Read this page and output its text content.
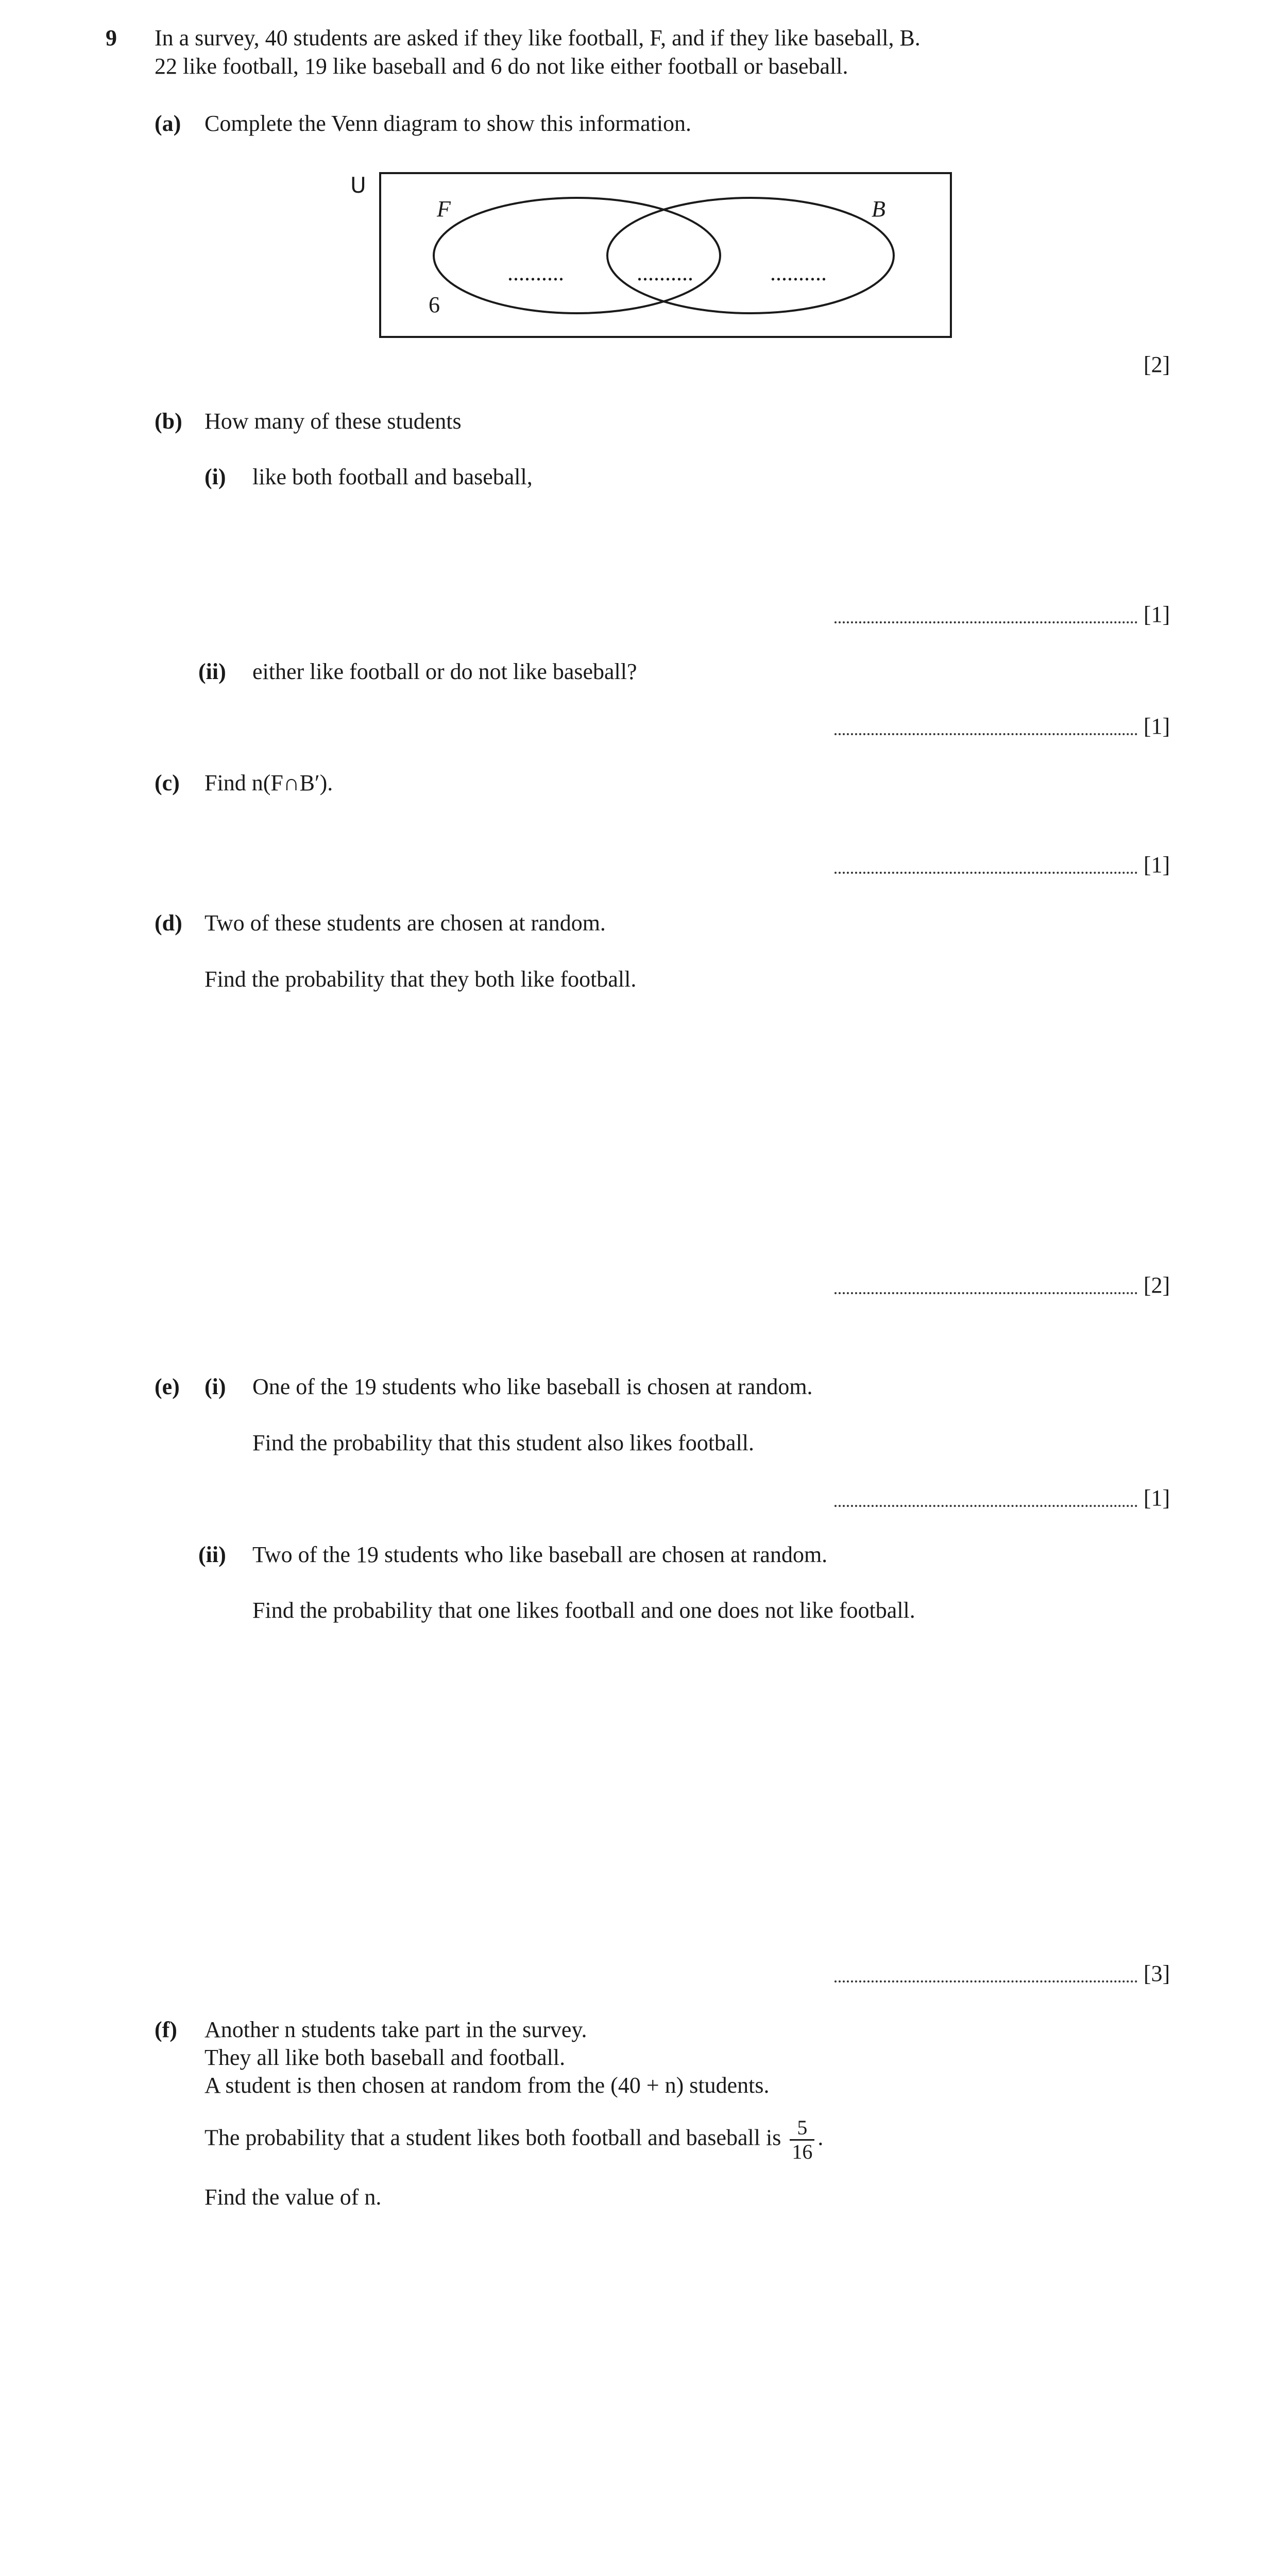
9 In a survey, 40 students are asked if they like football, F, and if they like baseball, B.
22 like football, 19 like baseball and 6 do not like either football or baseball.
(a) Complete the Venn diagram to show this information.
U
F	B
..........	..........	..........
6
[2]
(b) How many of these students
(i) like both football and baseball,
[1]
(ii) either like football or do not like baseball?
[1]
(c) Find n(F∩B′).
[1]
(d) Two of these students are chosen at random.
Find the probability that they both like football.
[2]
(e) (i) One of the 19 students who like baseball is chosen at random.
Find the probability that this student also likes football.
[1]
(ii) Two of the 19 students who like baseball are chosen at random.
Find the probability that one likes football and one does not like football.
[3]
(f) Another n students take part in the survey.
They all like both baseball and football.
A student is then chosen at random from the (40 + n) students.
The probability that a student likes both football and baseball is $\frac{5}{16}$ .
Find the value of n.
